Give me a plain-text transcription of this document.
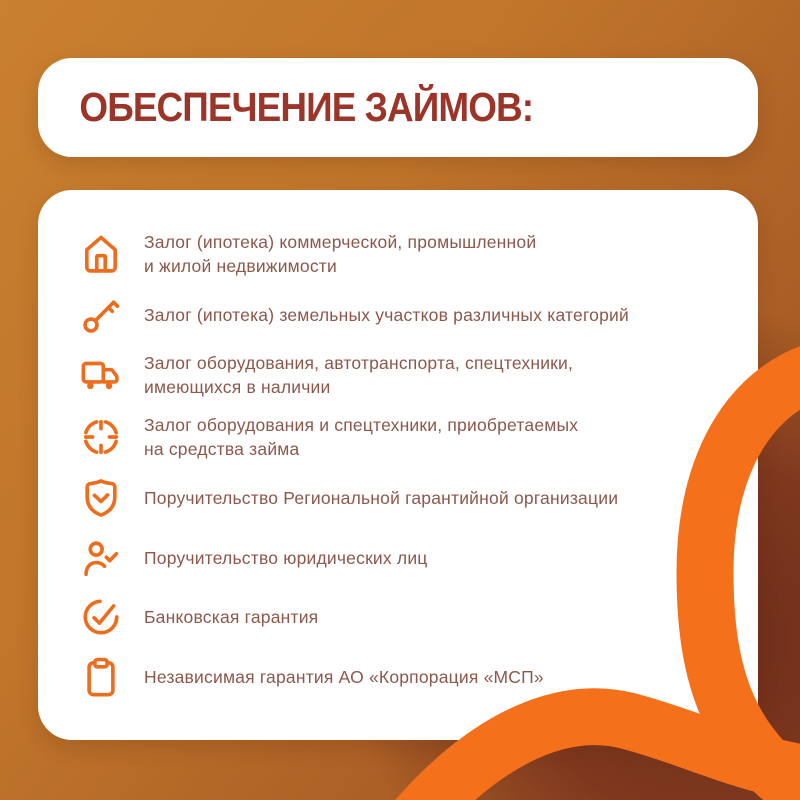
ОБЕСПЕЧЕНИЕ ЗАЙМОВ:
Залог (ипотека) коммерческой, промышленной
и жилой недвижимости
Залог (ипотека) земельных участков различных категорий
Залог оборудования, автотранспорта, спецтехники,
имеющихся в наличии
Залог оборудования и спецтехники, приобретаемых
на средства займа
Поручительство Региональной гарантийной организации
Поручительство юридических лиц
Банковская гарантия
Независимая гарантия АО «Корпорация «МСП»
